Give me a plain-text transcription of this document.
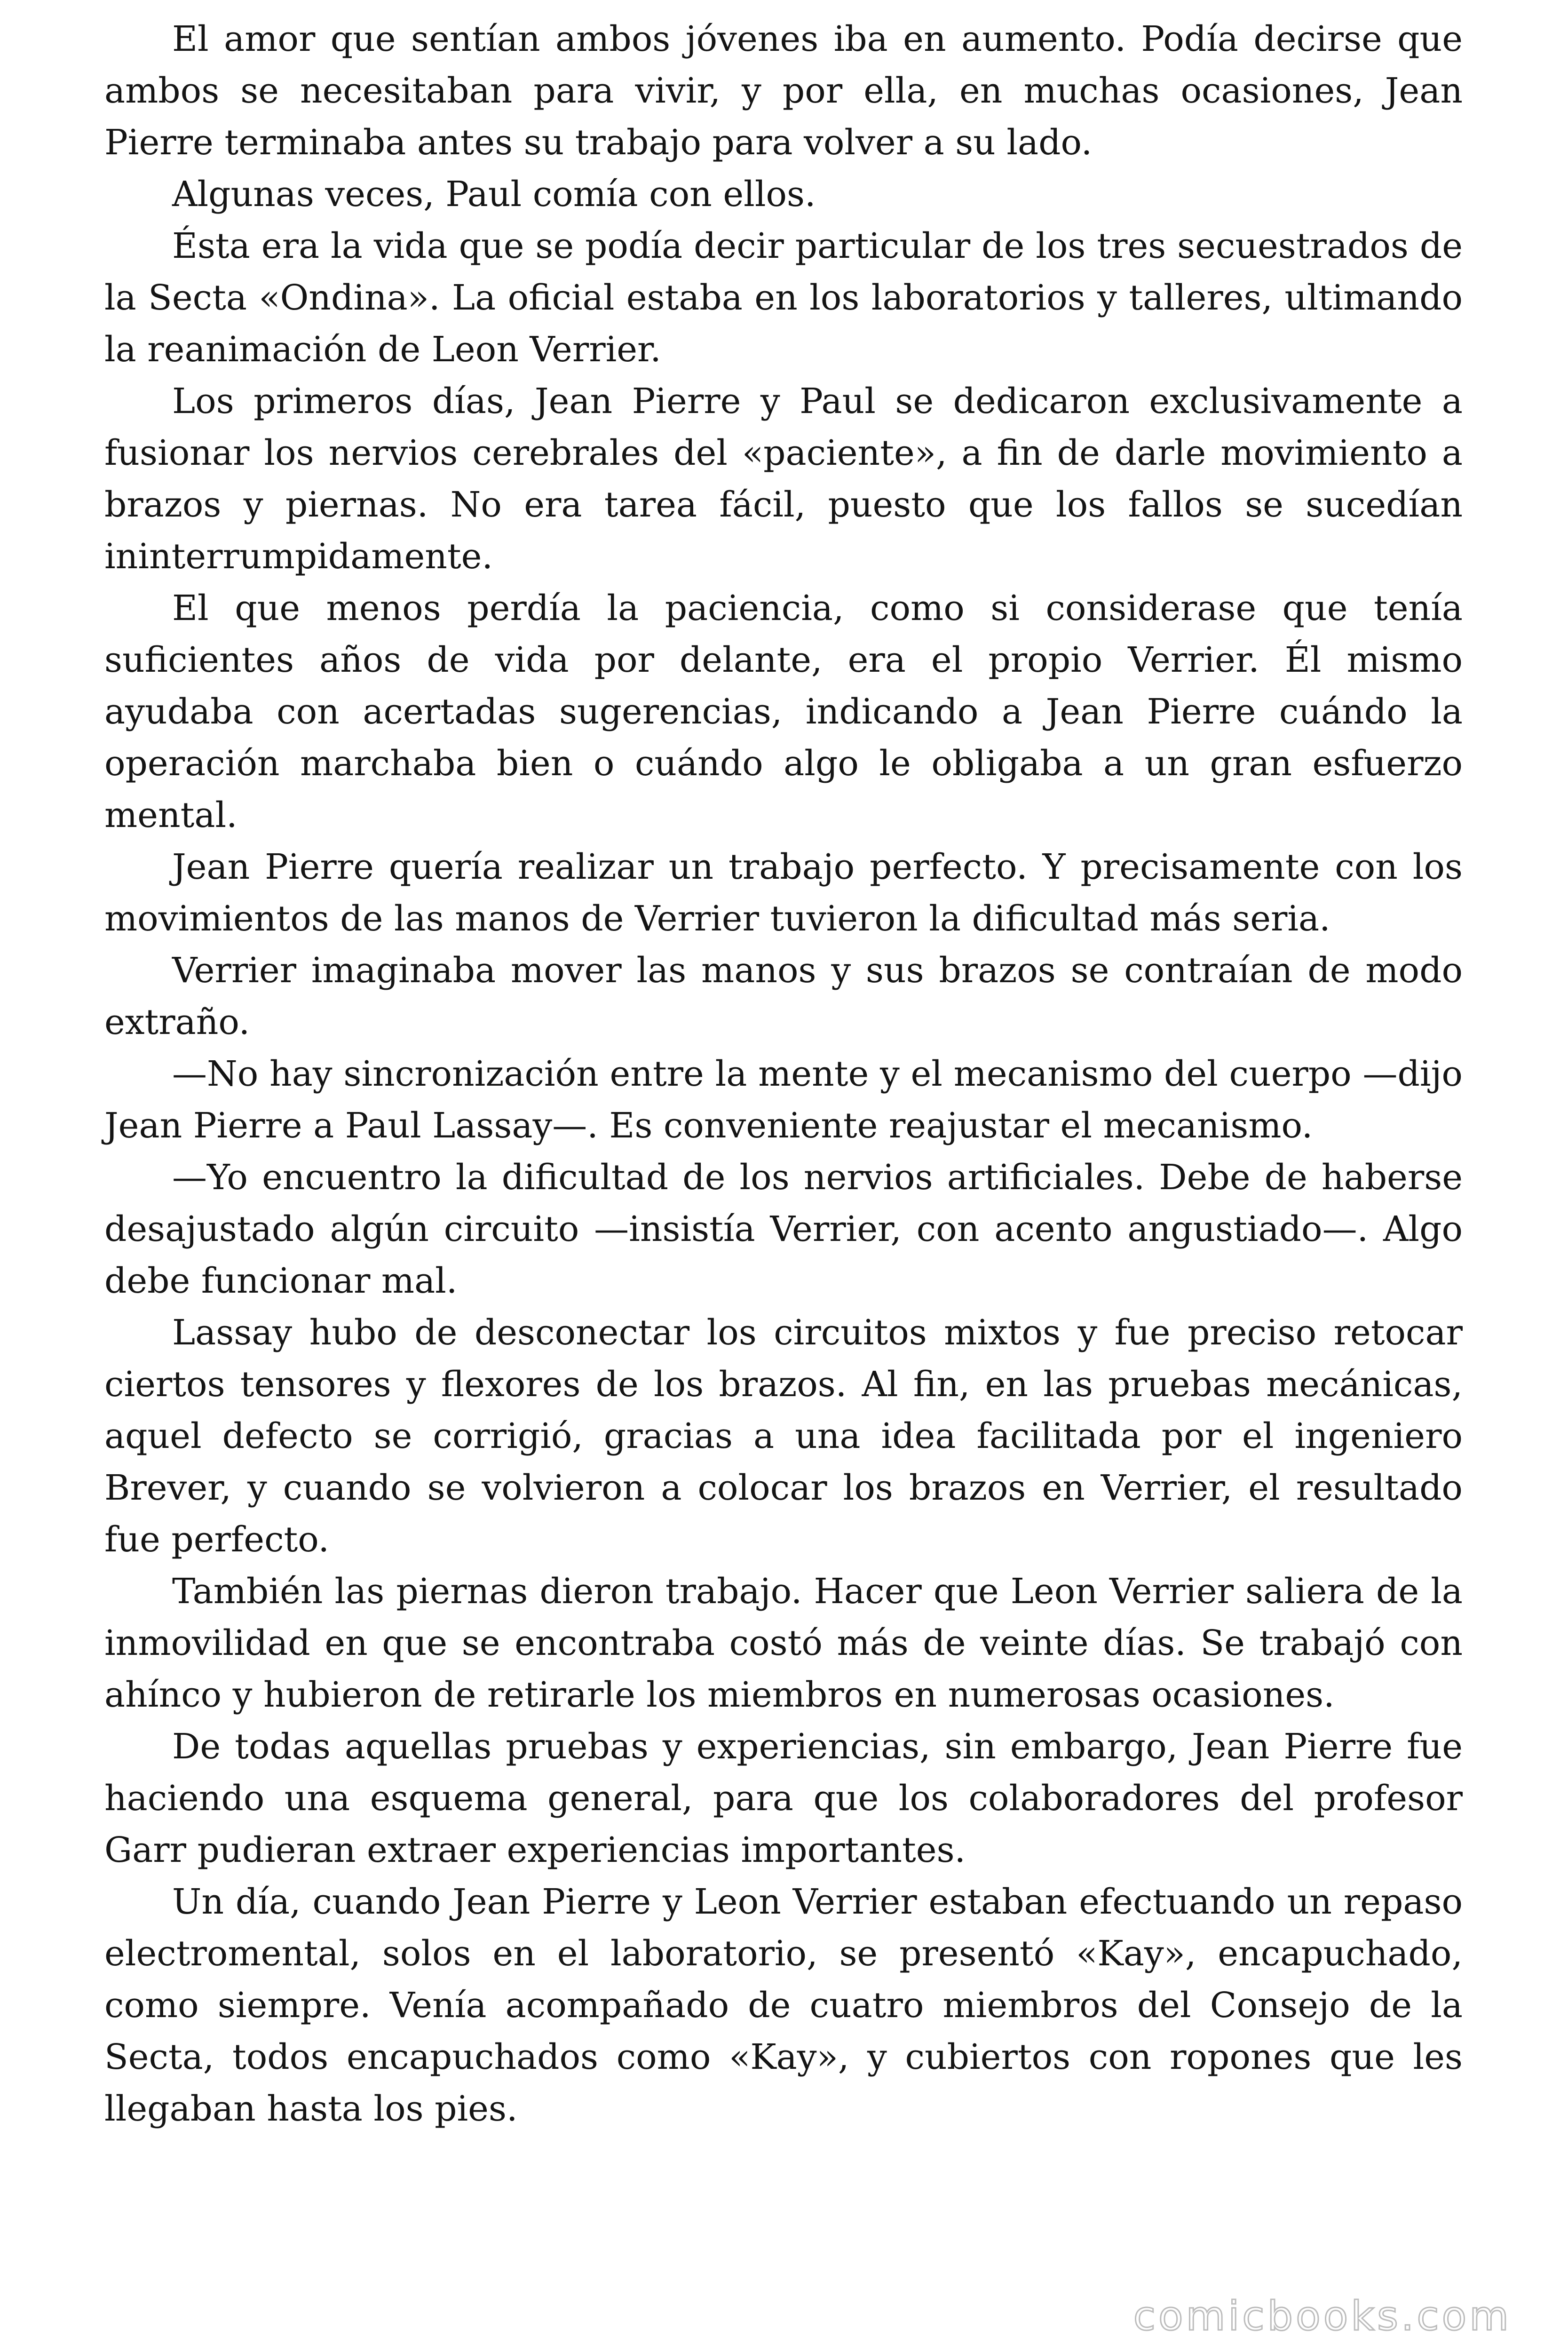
El amor que sentían ambos jóvenes iba en aumento. Podía decirse que ambos se necesitaban para vivir, y por ella, en muchas ocasiones, Jean Pierre terminaba antes su trabajo para volver a su lado.

Algunas veces, Paul comía con ellos.

Ésta era la vida que se podía decir particular de los tres secuestrados de la Secta «Ondina». La oficial estaba en los laboratorios y talleres, ultimando la reanimación de Leon Verrier.

Los primeros días, Jean Pierre y Paul se dedicaron exclusivamente a fusionar los nervios cerebrales del «paciente», a fin de darle movimiento a brazos y piernas. No era tarea fácil, puesto que los fallos se sucedían ininterrumpidamente.

El que menos perdía la paciencia, como si considerase que tenía suficientes años de vida por delante, era el propio Verrier. Él mismo ayudaba con acertadas sugerencias, indicando a Jean Pierre cuándo la operación marchaba bien o cuándo algo le obligaba a un gran esfuerzo mental.

Jean Pierre quería realizar un trabajo perfecto. Y precisamente con los movimientos de las manos de Verrier tuvieron la dificultad más seria.

Verrier imaginaba mover las manos y sus brazos se contraían de modo extraño.

—No hay sincronización entre la mente y el mecanismo del cuerpo —dijo Jean Pierre a Paul Lassay—. Es conveniente reajustar el mecanismo.

—Yo encuentro la dificultad de los nervios artificiales. Debe de haberse desajustado algún circuito —insistía Verrier, con acento angustiado—. Algo debe funcionar mal.

Lassay hubo de desconectar los circuitos mixtos y fue preciso retocar ciertos tensores y flexores de los brazos. Al fin, en las pruebas mecánicas, aquel defecto se corrigió, gracias a una idea facilitada por el ingeniero Brever, y cuando se volvieron a colocar los brazos en Verrier, el resultado fue perfecto.

También las piernas dieron trabajo. Hacer que Leon Verrier saliera de la inmovilidad en que se encontraba costó más de veinte días. Se trabajó con ahínco y hubieron de retirarle los miembros en numerosas ocasiones.

De todas aquellas pruebas y experiencias, sin embargo, Jean Pierre fue haciendo una esquema general, para que los colaboradores del profesor Garr pudieran extraer experiencias importantes.

Un día, cuando Jean Pierre y Leon Verrier estaban efectuando un repaso electromental, solos en el laboratorio, se presentó «Kay», encapuchado, como siempre. Venía acompañado de cuatro miembros del Consejo de la Secta, todos encapuchados como «Kay», y cubiertos con ropones que les llegaban hasta los pies.

comicbooks.com
